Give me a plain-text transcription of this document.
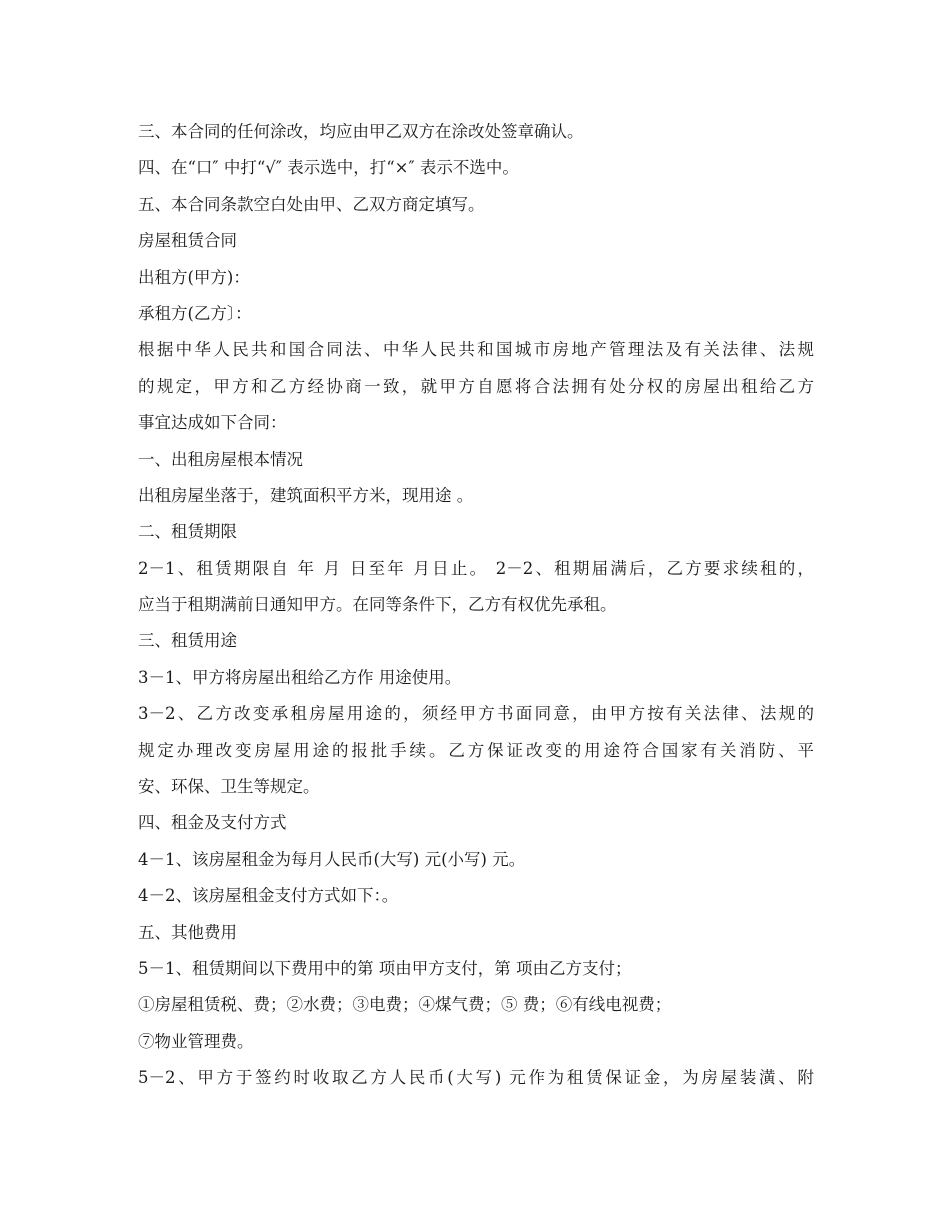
三、本合同的任何涂改，均应由甲乙双方在涂改处签章确认。
四、在“口″ 中打“√″ 表示选中，打“×″ 表示不选中。
五、本合同条款空白处由甲、乙双方商定填写。
房屋租赁合同
出租方(甲方)：
承租方(乙方〕：
根据中华人民共和国合同法、中华人民共和国城市房地产管理法及有关法律、法规
的规定，甲方和乙方经协商一致，就甲方自愿将合法拥有处分权的房屋出租给乙方
事宜达成如下合同：
一、出租房屋根本情况
出租房屋坐落于，建筑面积平方米，现用途 。
二、租赁期限
2－1、租赁期限自 年 月 日至年 月日止。 2－2、租期届满后，乙方要求续租的，
应当于租期满前日通知甲方。在同等条件下，乙方有权优先承租。
三、租赁用途
3－1、甲方将房屋出租给乙方作 用途使用。
3－2、乙方改变承租房屋用途的，须经甲方书面同意，由甲方按有关法律、法规的
规定办理改变房屋用途的报批手续。乙方保证改变的用途符合国家有关消防、平
安、环保、卫生等规定。
四、租金及支付方式
4－1、该房屋租金为每月人民币(大写) 元(小写) 元。
4－2、该房屋租金支付方式如下：。
五、其他费用
5－1、租赁期间以下费用中的第 项由甲方支付，第 项由乙方支付；
①房屋租赁税、费；②水费；③电费；④煤气费；⑤ 费；⑥有线电视费；
⑦物业管理费。
5－2、甲方于签约时收取乙方人民币(大写) 元作为租赁保证金，为房屋装潢、附
